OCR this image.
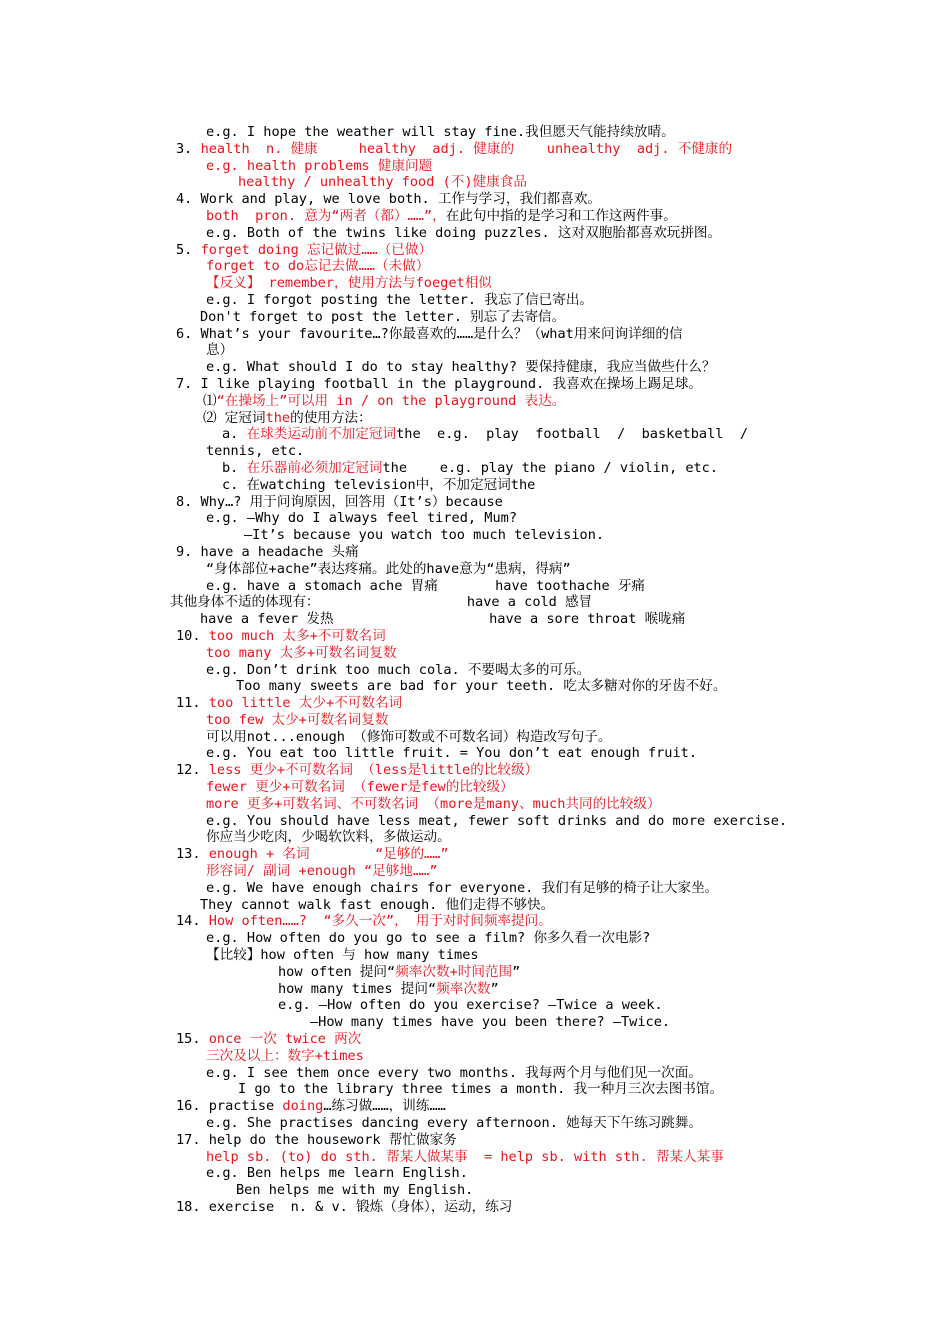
e.g. I hope the weather will stay fine.我但愿天气能持续放晴。
3. health  n. 健康     healthy  adj. 健康的    unhealthy  adj. 不健康的
e.g. health problems 健康问题
healthy / unhealthy food (不)健康食品
4. Work and play, we love both. 工作与学习，我们都喜欢。
both  pron. 意为“两者（都）……”，在此句中指的是学习和工作这两件事。
e.g. Both of the twins like doing puzzles. 这对双胞胎都喜欢玩拼图。
5. forget doing 忘记做过……（已做）
forget to do忘记去做……（未做）
【反义】 remember，使用方法与foeget相似
e.g. I forgot posting the letter. 我忘了信已寄出。
Don't forget to post the letter. 别忘了去寄信。
6. What’s your favourite…?你最喜欢的……是什么？（what用来问询详细的信
息）
e.g. What should I do to stay healthy? 要保持健康，我应当做些什么？
7. I like playing football in the playground. 我喜欢在操场上踢足球。
⑴“在操场上”可以用 in / on the playground 表达。
⑵ 定冠词the的使用方法：
a. 在球类运动前不加定冠词the  e.g.  play  football  /  basketball  /
tennis, etc.
b. 在乐器前必须加定冠词the    e.g. play the piano / violin, etc.
c. 在watching television中，不加定冠词the
8. Why…? 用于问询原因，回答用（It’s）because
e.g. —Why do I always feel tired, Mum?
—It’s because you watch too much television.
9. have a headache 头痛
“身体部位+ache”表达疼痛。此处的have意为“患病，得病”
e.g. have a stomach ache 胃痛       have toothache 牙痛
其他身体不适的体现有：                  have a cold 感冒
have a fever 发热                   have a sore throat 喉咙痛
10. too much 太多+不可数名词
too many 太多+可数名词复数
e.g. Don’t drink too much cola. 不要喝太多的可乐。
Too many sweets are bad for your teeth. 吃太多糖对你的牙齿不好。
11. too little 太少+不可数名词
too few 太少+可数名词复数
可以用not...enough （修饰可数或不可数名词）构造改写句子。
e.g. You eat too little fruit. = You don’t eat enough fruit.
12. less 更少+不可数名词 （less是little的比较级）
fewer 更少+可数名词 （fewer是few的比较级）
more 更多+可数名词、不可数名词 （more是many、much共同的比较级）
e.g. You should have less meat, fewer soft drinks and do more exercise.
你应当少吃肉，少喝软饮料，多做运动。
13. enough + 名词        “足够的……”
形容词/ 副词 +enough “足够地……”
e.g. We have enough chairs for everyone. 我们有足够的椅子让大家坐。
They cannot walk fast enough. 他们走得不够快。
14. How often……?  “多久一次”， 用于对时间频率提问。
e.g. How often do you go to see a film? 你多久看一次电影?
【比较】how often 与 how many times
how often 提问“频率次数+时间范围”
how many times 提问“频率次数”
e.g. —How often do you exercise? —Twice a week.
—How many times have you been there? —Twice.
15. once 一次 twice 两次
三次及以上：数字+times
e.g. I see them once every two months. 我每两个月与他们见一次面。
I go to the library three times a month. 我一种月三次去图书馆。
16. practise doing…练习做……，训练……
e.g. She practises dancing every afternoon. 她每天下午练习跳舞。
17. help do the housework 帮忙做家务
help sb. (to) do sth. 帮某人做某事  = help sb. with sth. 帮某人某事
e.g. Ben helps me learn English.
Ben helps me with my English.
18. exercise  n. & v. 锻炼（身体），运动，练习
